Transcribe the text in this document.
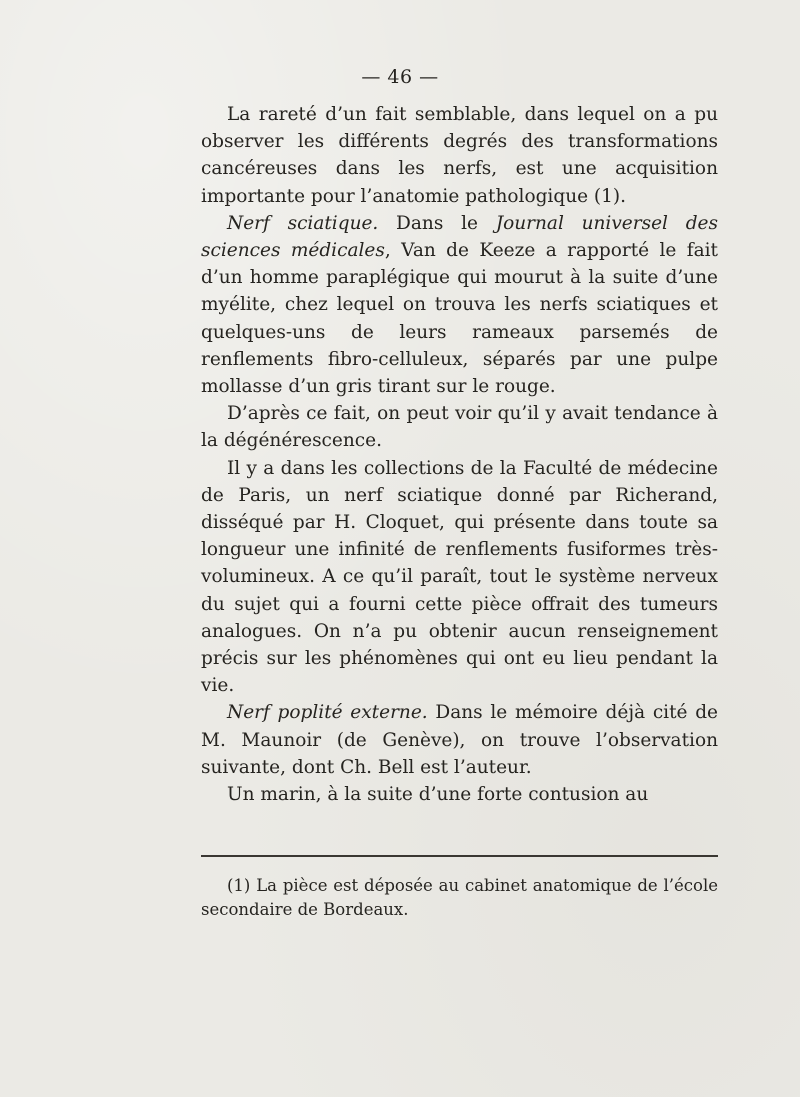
— 46 —

La rareté d’un fait semblable, dans lequel on a pu observer les différents degrés des transformations cancéreuses dans les nerfs, est une acquisition importante pour l’anatomie pathologique (1).

Nerf sciatique. Dans le Journal universel des sciences médicales, Van de Keeze a rapporté le fait d’un homme paraplégique qui mourut à la suite d’une myélite, chez lequel on trouva les nerfs sciatiques et quelques-uns de leurs rameaux parsemés de renflements fibro-celluleux, séparés par une pulpe mollasse d’un gris tirant sur le rouge.

D’après ce fait, on peut voir qu’il y avait tendance à la dégénérescence.

Il y a dans les collections de la Faculté de médecine de Paris, un nerf sciatique donné par Richerand, disséqué par H. Cloquet, qui présente dans toute sa longueur une infinité de renflements fusiformes très-volumineux. A ce qu’il paraît, tout le système nerveux du sujet qui a fourni cette pièce offrait des tumeurs analogues. On n’a pu obtenir aucun renseignement précis sur les phénomènes qui ont eu lieu pendant la vie.

Nerf poplité externe. Dans le mémoire déjà cité de M. Maunoir (de Genève), on trouve l’observation suivante, dont Ch. Bell est l’auteur.

Un marin, à la suite d’une forte contusion au

(1) La pièce est déposée au cabinet anatomique de l’école secondaire de Bordeaux.
